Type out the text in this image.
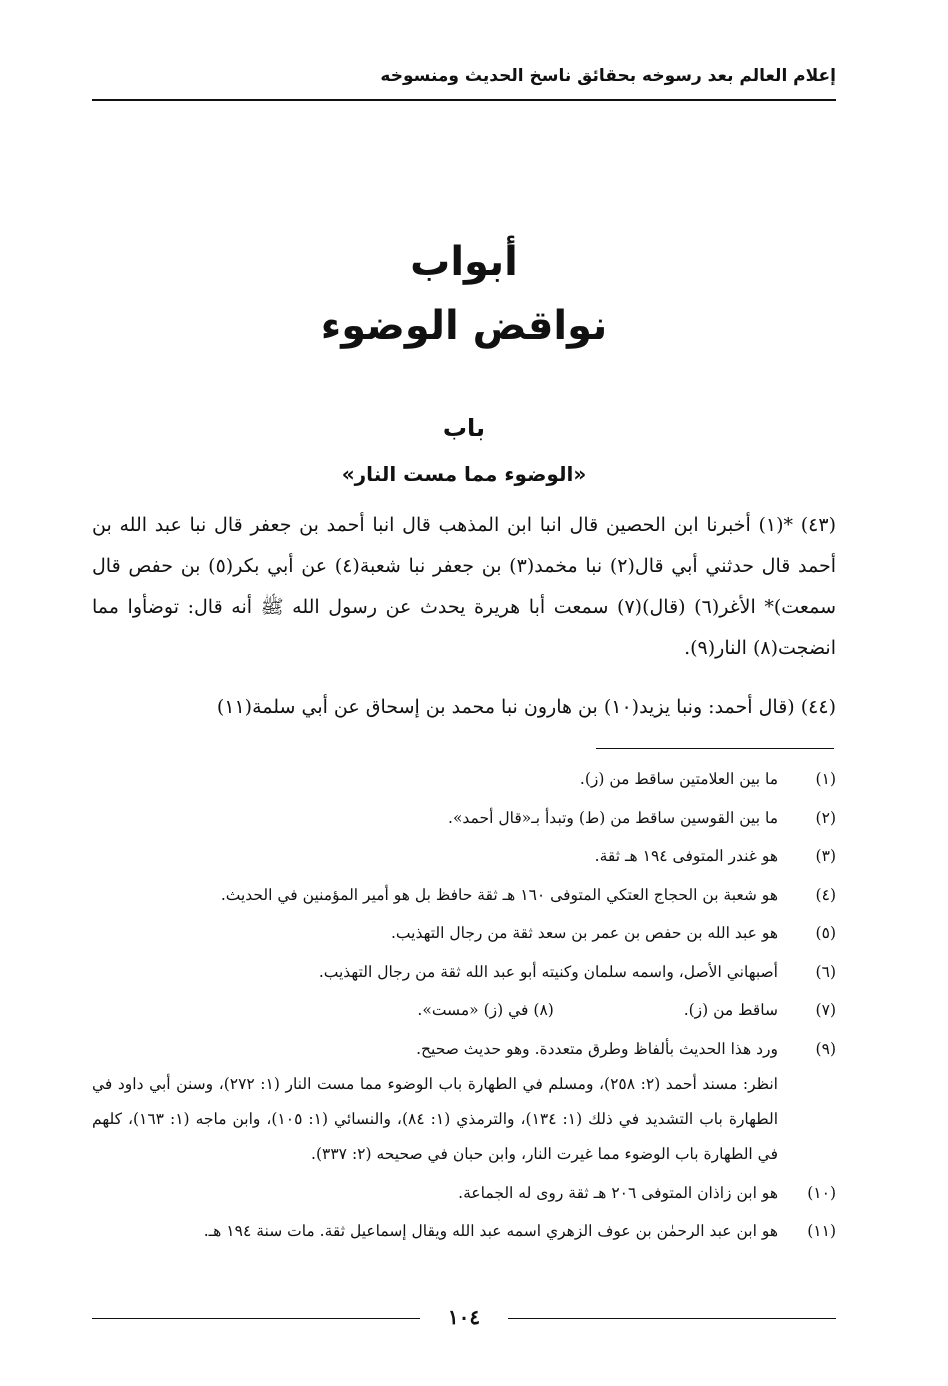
إعلام العالم بعد رسوخه بحقائق ناسخ الحديث ومنسوخه
أبواب
نواقض الوضوء
باب
«الوضوء مما مست النار»
(٤٣) *(١) أخبرنا ابن الحصين قال انبا ابن المذهب قال انبا أحمد بن جعفر قال نبا عبد الله بن أحمد قال حدثني أبي قال(٢) نبا مخمد(٣) بن جعفر نبا شعبة(٤) عن أبي بكر(٥) بن حفص قال سمعت)* الأغر(٦) (قال)(٧) سمعت أبا هريرة يحدث عن رسول الله ﷺ أنه قال: توضأوا مما انضجت(٨) النار(٩).
(٤٤) (قال أحمد: ونبا يزيد(١٠) بن هارون نبا محمد بن إسحاق عن أبي سلمة(١١)
(١)
ما بين العلامتين ساقط من (ز).
(٢)
ما بين القوسين ساقط من (ط) وتبدأ بـ«قال أحمد».
(٣)
هو غندر المتوفى ١٩٤ هـ ثقة.
(٤)
هو شعبة بن الحجاج العتكي المتوفى ١٦٠ هـ ثقة حافظ بل هو أمير المؤمنين في الحديث.
(٥)
هو عبد الله بن حفص بن عمر بن سعد ثقة من رجال التهذيب.
(٦)
أصبهاني الأصل، واسمه سلمان وكنيته أبو عبد الله ثقة من رجال التهذيب.
(٧)
ساقط من (ز).  (٨) في (ز) «مست».
(٩)
ورد هذا الحديث بألفاظ وطرق متعددة. وهو حديث صحيح.
انظر: مسند أحمد (٢: ٢٥٨)، ومسلم في الطهارة باب الوضوء مما مست النار (١: ٢٧٢)، وسنن أبي داود في الطهارة باب التشديد في ذلك (١: ١٣٤)، والترمذي (١: ٨٤)، والنسائي (١: ١٠٥)، وابن ماجه (١: ١٦٣)، كلهم في الطهارة باب الوضوء مما غيرت النار، وابن حبان في صحيحه (٢: ٣٣٧).
(١٠)
هو ابن زاذان المتوفى ٢٠٦ هـ ثقة روى له الجماعة.
(١١)
هو ابن عبد الرحمٰن بن عوف الزهري اسمه عبد الله ويقال إسماعيل ثقة. مات سنة ١٩٤ هـ.
١٠٤
